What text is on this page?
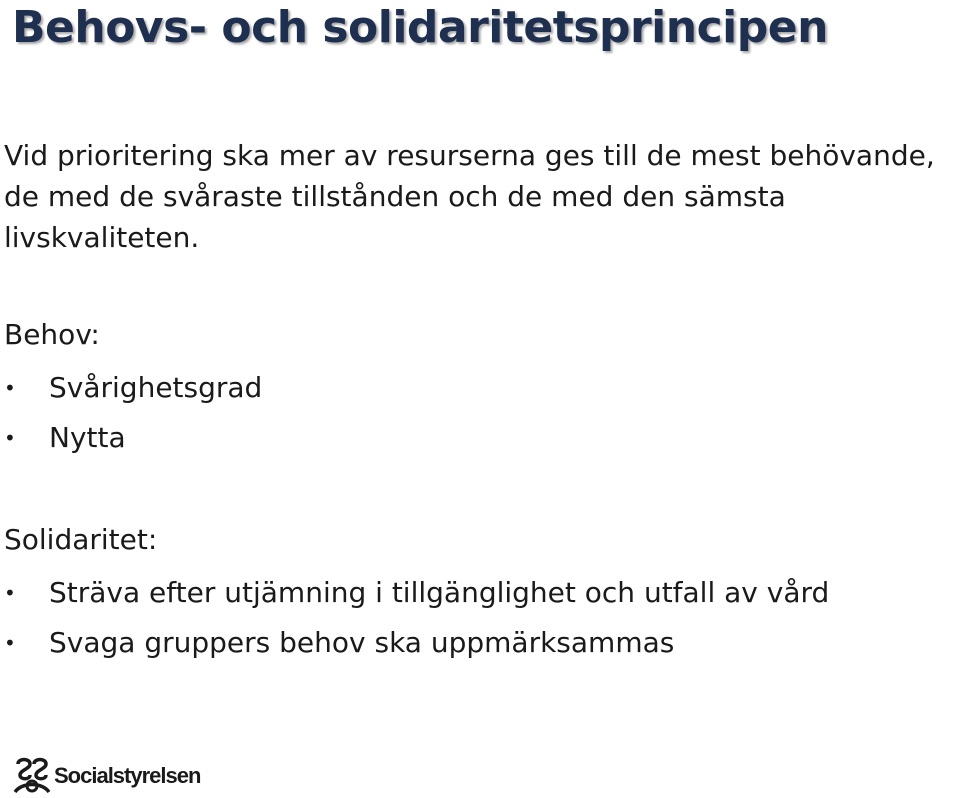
Behovs- och solidaritetsprincipen

Vid prioritering ska mer av resurserna ges till de mest behövande, de med de svåraste tillstånden och de med den sämsta livskvaliteten.

Behov:

• Svårighetsgrad
• Nytta

Solidaritet:

• Sträva efter utjämning i tillgänglighet och utfall av vård
• Svaga gruppers behov ska uppmärksammas
Socialstyrelsen
